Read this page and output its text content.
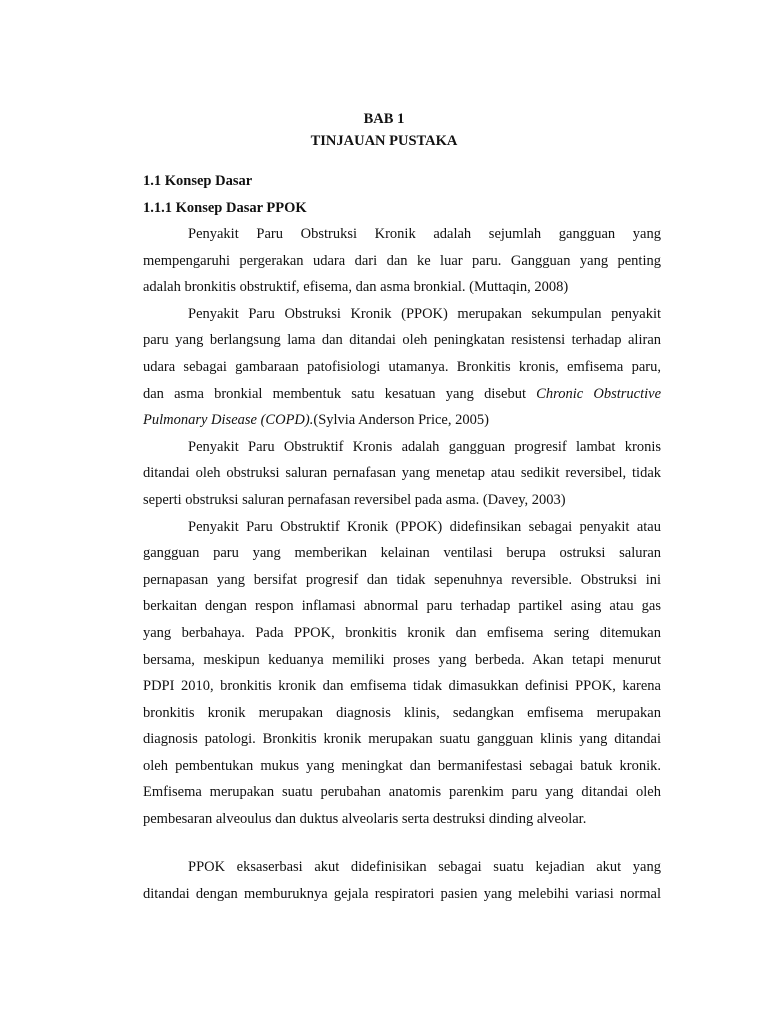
BAB 1

TINJAUAN PUSTAKA

1.1 Konsep Dasar

1.1.1 Konsep Dasar PPOK

Penyakit Paru Obstruksi Kronik adalah sejumlah gangguan yang
mempengaruhi pergerakan udara dari dan ke luar paru. Gangguan yang penting
adalah bronkitis obstruktif, efisema, dan asma bronkial. (Muttaqin, 2008)
Penyakit Paru Obstruksi Kronik (PPOK) merupakan sekumpulan penyakit
paru yang berlangsung lama dan ditandai oleh peningkatan resistensi terhadap aliran
udara sebagai gambaraan patofisiologi utamanya. Bronkitis kronis, emfisema paru,
dan asma bronkial membentuk satu kesatuan yang disebut Chronic Obstructive
Pulmonary Disease (COPD).(Sylvia Anderson Price, 2005)
Penyakit Paru Obstruktif Kronis adalah gangguan progresif lambat kronis
ditandai oleh obstruksi saluran pernafasan yang menetap atau sedikit reversibel, tidak
seperti obstruksi saluran pernafasan reversibel pada asma. (Davey, 2003)
Penyakit Paru Obstruktif Kronik (PPOK) didefinsikan sebagai penyakit atau
gangguan paru yang memberikan kelainan ventilasi berupa ostruksi saluran
pernapasan yang bersifat progresif dan tidak sepenuhnya reversible. Obstruksi ini
berkaitan dengan respon inflamasi abnormal paru terhadap partikel asing atau gas
yang berbahaya. Pada PPOK, bronkitis kronik dan emfisema sering ditemukan
bersama, meskipun keduanya memiliki proses yang berbeda. Akan tetapi menurut
PDPI 2010, bronkitis kronik dan emfisema tidak dimasukkan definisi PPOK, karena
bronkitis kronik merupakan diagnosis klinis, sedangkan emfisema merupakan
diagnosis patologi. Bronkitis kronik merupakan suatu gangguan klinis yang ditandai
oleh pembentukan mukus yang meningkat dan bermanifestasi sebagai batuk kronik.
Emfisema merupakan suatu perubahan anatomis parenkim paru yang ditandai oleh
pembesaran alveoulus dan duktus alveolaris serta destruksi dinding alveolar.
PPOK eksaserbasi akut didefinisikan sebagai suatu kejadian akut yang
ditandai dengan memburuknya gejala respiratori pasien yang melebihi variasi normal
